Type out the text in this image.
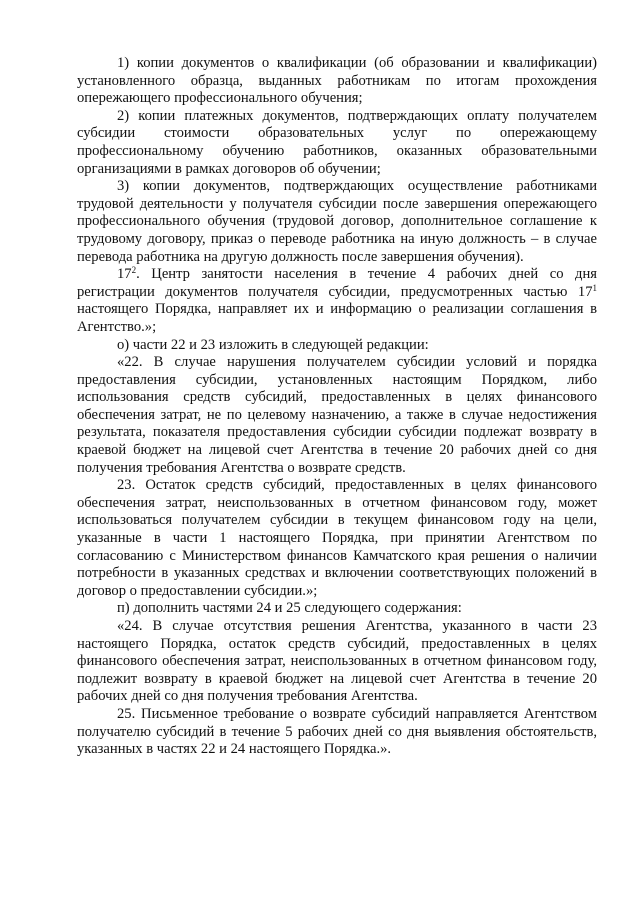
1) копии документов о квалификации (об образовании и квалификации) установленного образца, выданных работникам по итогам прохождения опережающего профессионального обучения;

2) копии платежных документов, подтверждающих оплату получателем субсидии стоимости образовательных услуг по опережающему профессиональному обучению работников, оказанных образовательными организациями в рамках договоров об обучении;

3) копии документов, подтверждающих осуществление работниками трудовой деятельности у получателя субсидии после завершения опережающего профессионального обучения (трудовой договор, дополнительное соглашение к трудовому договору, приказ о переводе работника на иную должность – в случае перевода работника на другую должность после завершения обучения).

$17^2$. Центр занятости населения в течение 4 рабочих дней со дня регистрации документов получателя субсидии, предусмотренных частью $17^1$ настоящего Порядка, направляет их и информацию о реализации соглашения в Агентство.»;

о) части 22 и 23 изложить в следующей редакции:

«22. В случае нарушения получателем субсидии условий и порядка предоставления субсидии, установленных настоящим Порядком, либо использования средств субсидий, предоставленных в целях финансового обеспечения затрат, не по целевому назначению, а также в случае недостижения результата, показателя предоставления субсидии субсидии подлежат возврату в краевой бюджет на лицевой счет Агентства в течение 20 рабочих дней со дня получения требования Агентства о возврате средств.

23. Остаток средств субсидий, предоставленных в целях финансового обеспечения затрат, неиспользованных в отчетном финансовом году, может использоваться получателем субсидии в текущем финансовом году на цели, указанные в части 1 настоящего Порядка, при принятии Агентством по согласованию с Министерством финансов Камчатского края решения о наличии потребности в указанных средствах и включении соответствующих положений в договор о предоставлении субсидии.»;

п) дополнить частями 24 и 25 следующего содержания:

«24. В случае отсутствия решения Агентства, указанного в части 23 настоящего Порядка, остаток средств субсидий, предоставленных в целях финансового обеспечения затрат, неиспользованных в отчетном финансовом году, подлежит возврату в краевой бюджет на лицевой счет Агентства в течение 20 рабочих дней со дня получения требования Агентства.

25. Письменное требование о возврате субсидий направляется Агентством получателю субсидий в течение 5 рабочих дней со дня выявления обстоятельств, указанных в частях 22 и 24 настоящего Порядка.».
